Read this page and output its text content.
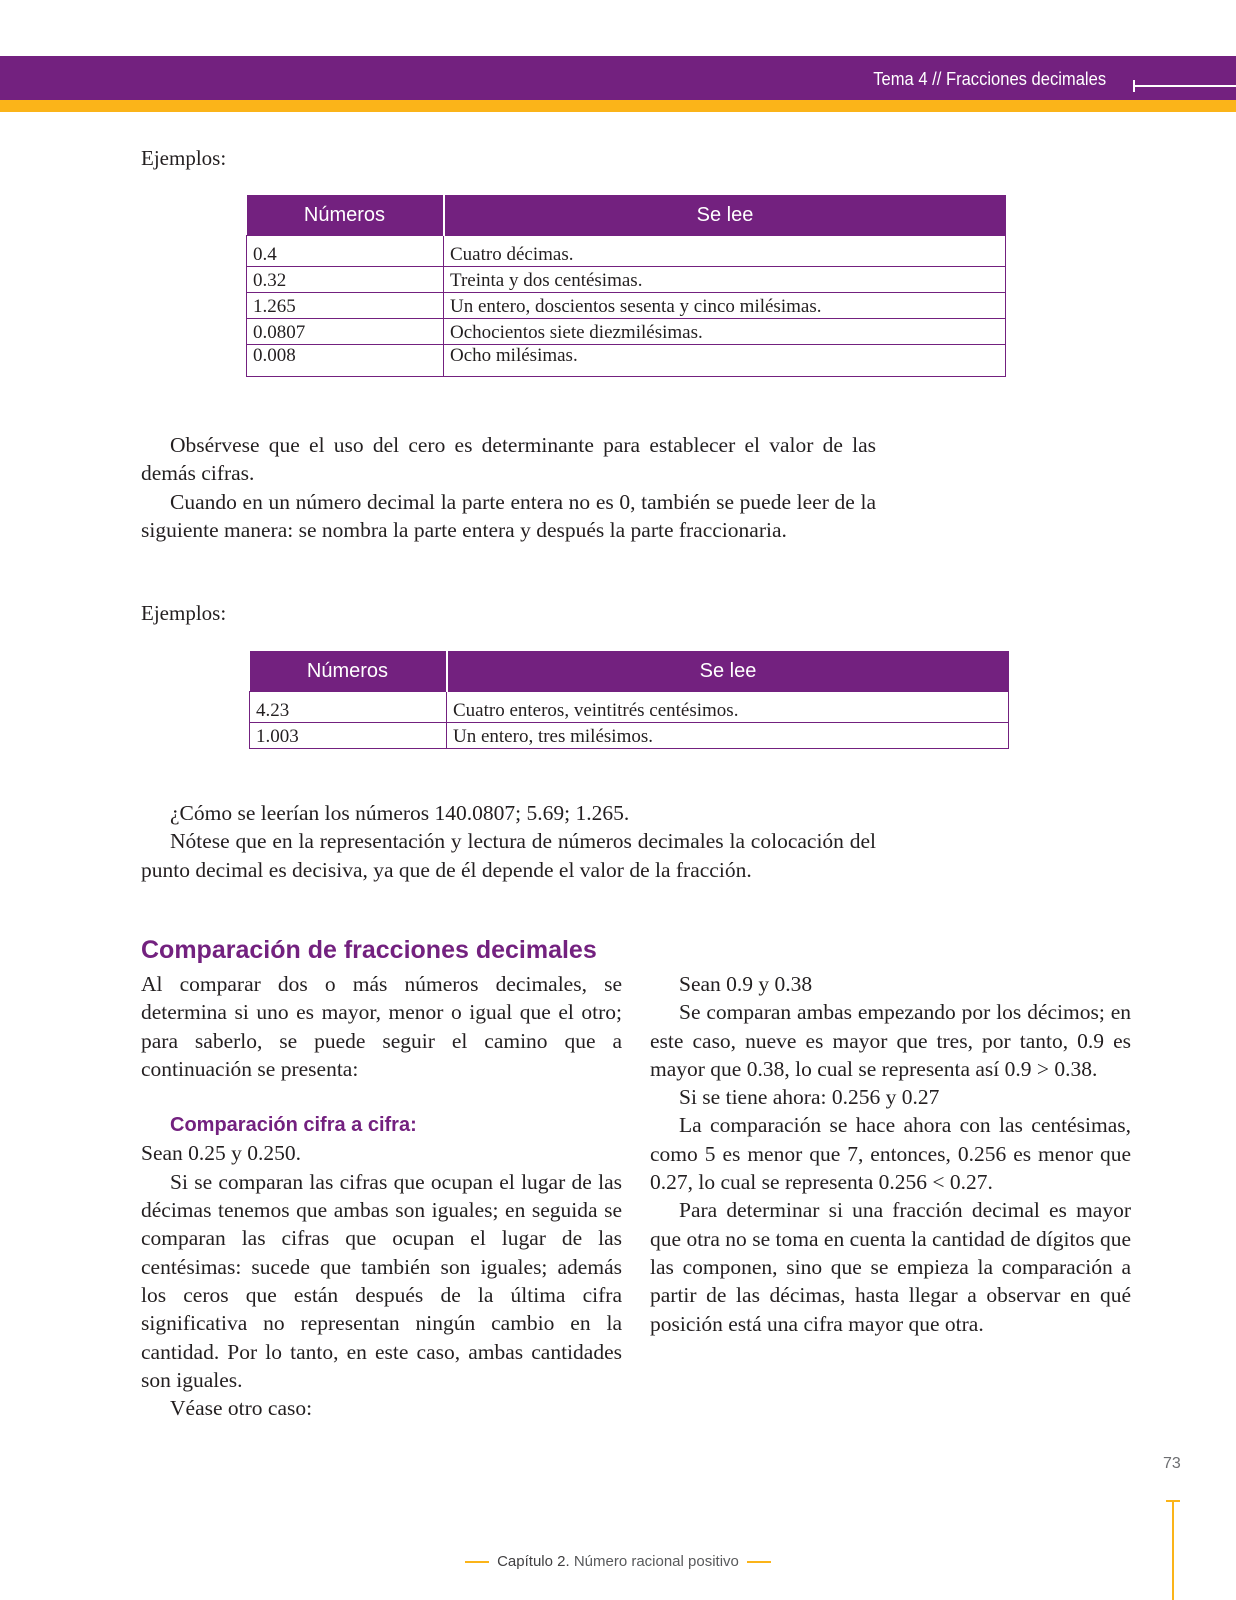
Tema 4 // Fracciones decimales

Ejemplos:

Números	Se lee
0.4	Cuatro décimas.
0.32	Treinta y dos centésimas.
1.265	Un entero, doscientos sesenta y cinco milésimas.
0.0807	Ochocientos siete diezmilésimas.
0.008	Ocho milésimas.

Obsérvese que el uso del cero es determinante para establecer el valor de las demás cifras.

Cuando en un número decimal la parte entera no es 0, también se puede leer de la siguiente manera: se nombra la parte entera y después la parte fraccionaria.

Ejemplos:

Números	Se lee
4.23	Cuatro enteros, veintitrés centésimos.
1.003	Un entero, tres milésimos.

¿Cómo se leerían los números 140.0807; 5.69; 1.265.

Nótese que en la representación y lectura de números decimales la colocación del punto decimal es decisiva, ya que de él depende el valor de la fracción.

Comparación de fracciones decimales

Al comparar dos o más números decimales, se determina si uno es mayor, menor o igual que el otro; para saberlo, se puede seguir el camino que a continuación se presenta:

Comparación cifra a cifra:

Sean 0.25 y 0.250.

Si se comparan las cifras que ocupan el lugar de las décimas tenemos que ambas son iguales; en seguida se comparan las cifras que ocupan el lugar de las centésimas: sucede que también son iguales; además los ceros que están después de la última cifra significativa no representan ningún cambio en la cantidad. Por lo tanto, en este caso, ambas cantidades son iguales.

Véase otro caso:

Sean 0.9 y 0.38

Se comparan ambas empezando por los décimos; en este caso, nueve es mayor que tres, por tanto, 0.9 es mayor que 0.38, lo cual se representa así 0.9 > 0.38.

Si se tiene ahora: 0.256 y 0.27

La comparación se hace ahora con las centésimas, como 5 es menor que 7, entonces, 0.256 es menor que 0.27, lo cual se representa 0.256 < 0.27.

Para determinar si una fracción decimal es mayor que otra no se toma en cuenta la cantidad de dígitos que las componen, sino que se empieza la comparación a partir de las décimas, hasta llegar a observar en qué posición está una cifra mayor que otra.

73
Capítulo 2. Número racional positivo
